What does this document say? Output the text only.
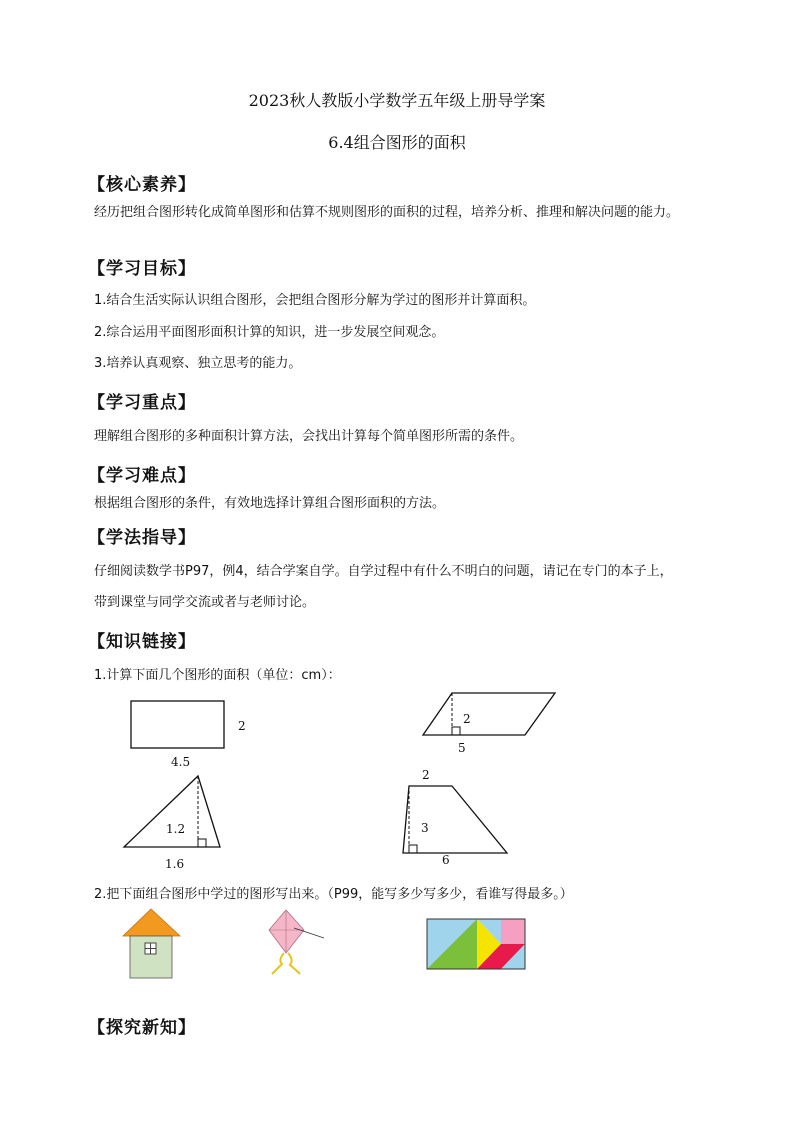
2023秋人教版小学数学五年级上册导学案
6.4组合图形的面积
【核心素养】
经历把组合图形转化成简单图形和估算不规则图形的面积的过程，培养分析、推理和解决问题的能力。
【学习目标】
1.结合生活实际认识组合图形，会把组合图形分解为学过的图形并计算面积。
2.综合运用平面图形面积计算的知识，进一步发展空间观念。
3.培养认真观察、独立思考的能力。
【学习重点】
理解组合图形的多种面积计算方法，会找出计算每个简单图形所需的条件。
【学习难点】
根据组合图形的条件，有效地选择计算组合图形面积的方法。
【学法指导】
仔细阅读数学书P97，例4，结合学案自学。自学过程中有什么不明白的问题，请记在专门的本子上，
带到课堂与同学交流或者与老师讨论。
【知识链接】
1.计算下面几个图形的面积（单位：cm）：
2
4.5
2
5
1.2
1.6
2
3
6
2.把下面组合图形中学过的图形写出来。（P99，能写多少写多少，看谁写得最多。）
【探究新知】
